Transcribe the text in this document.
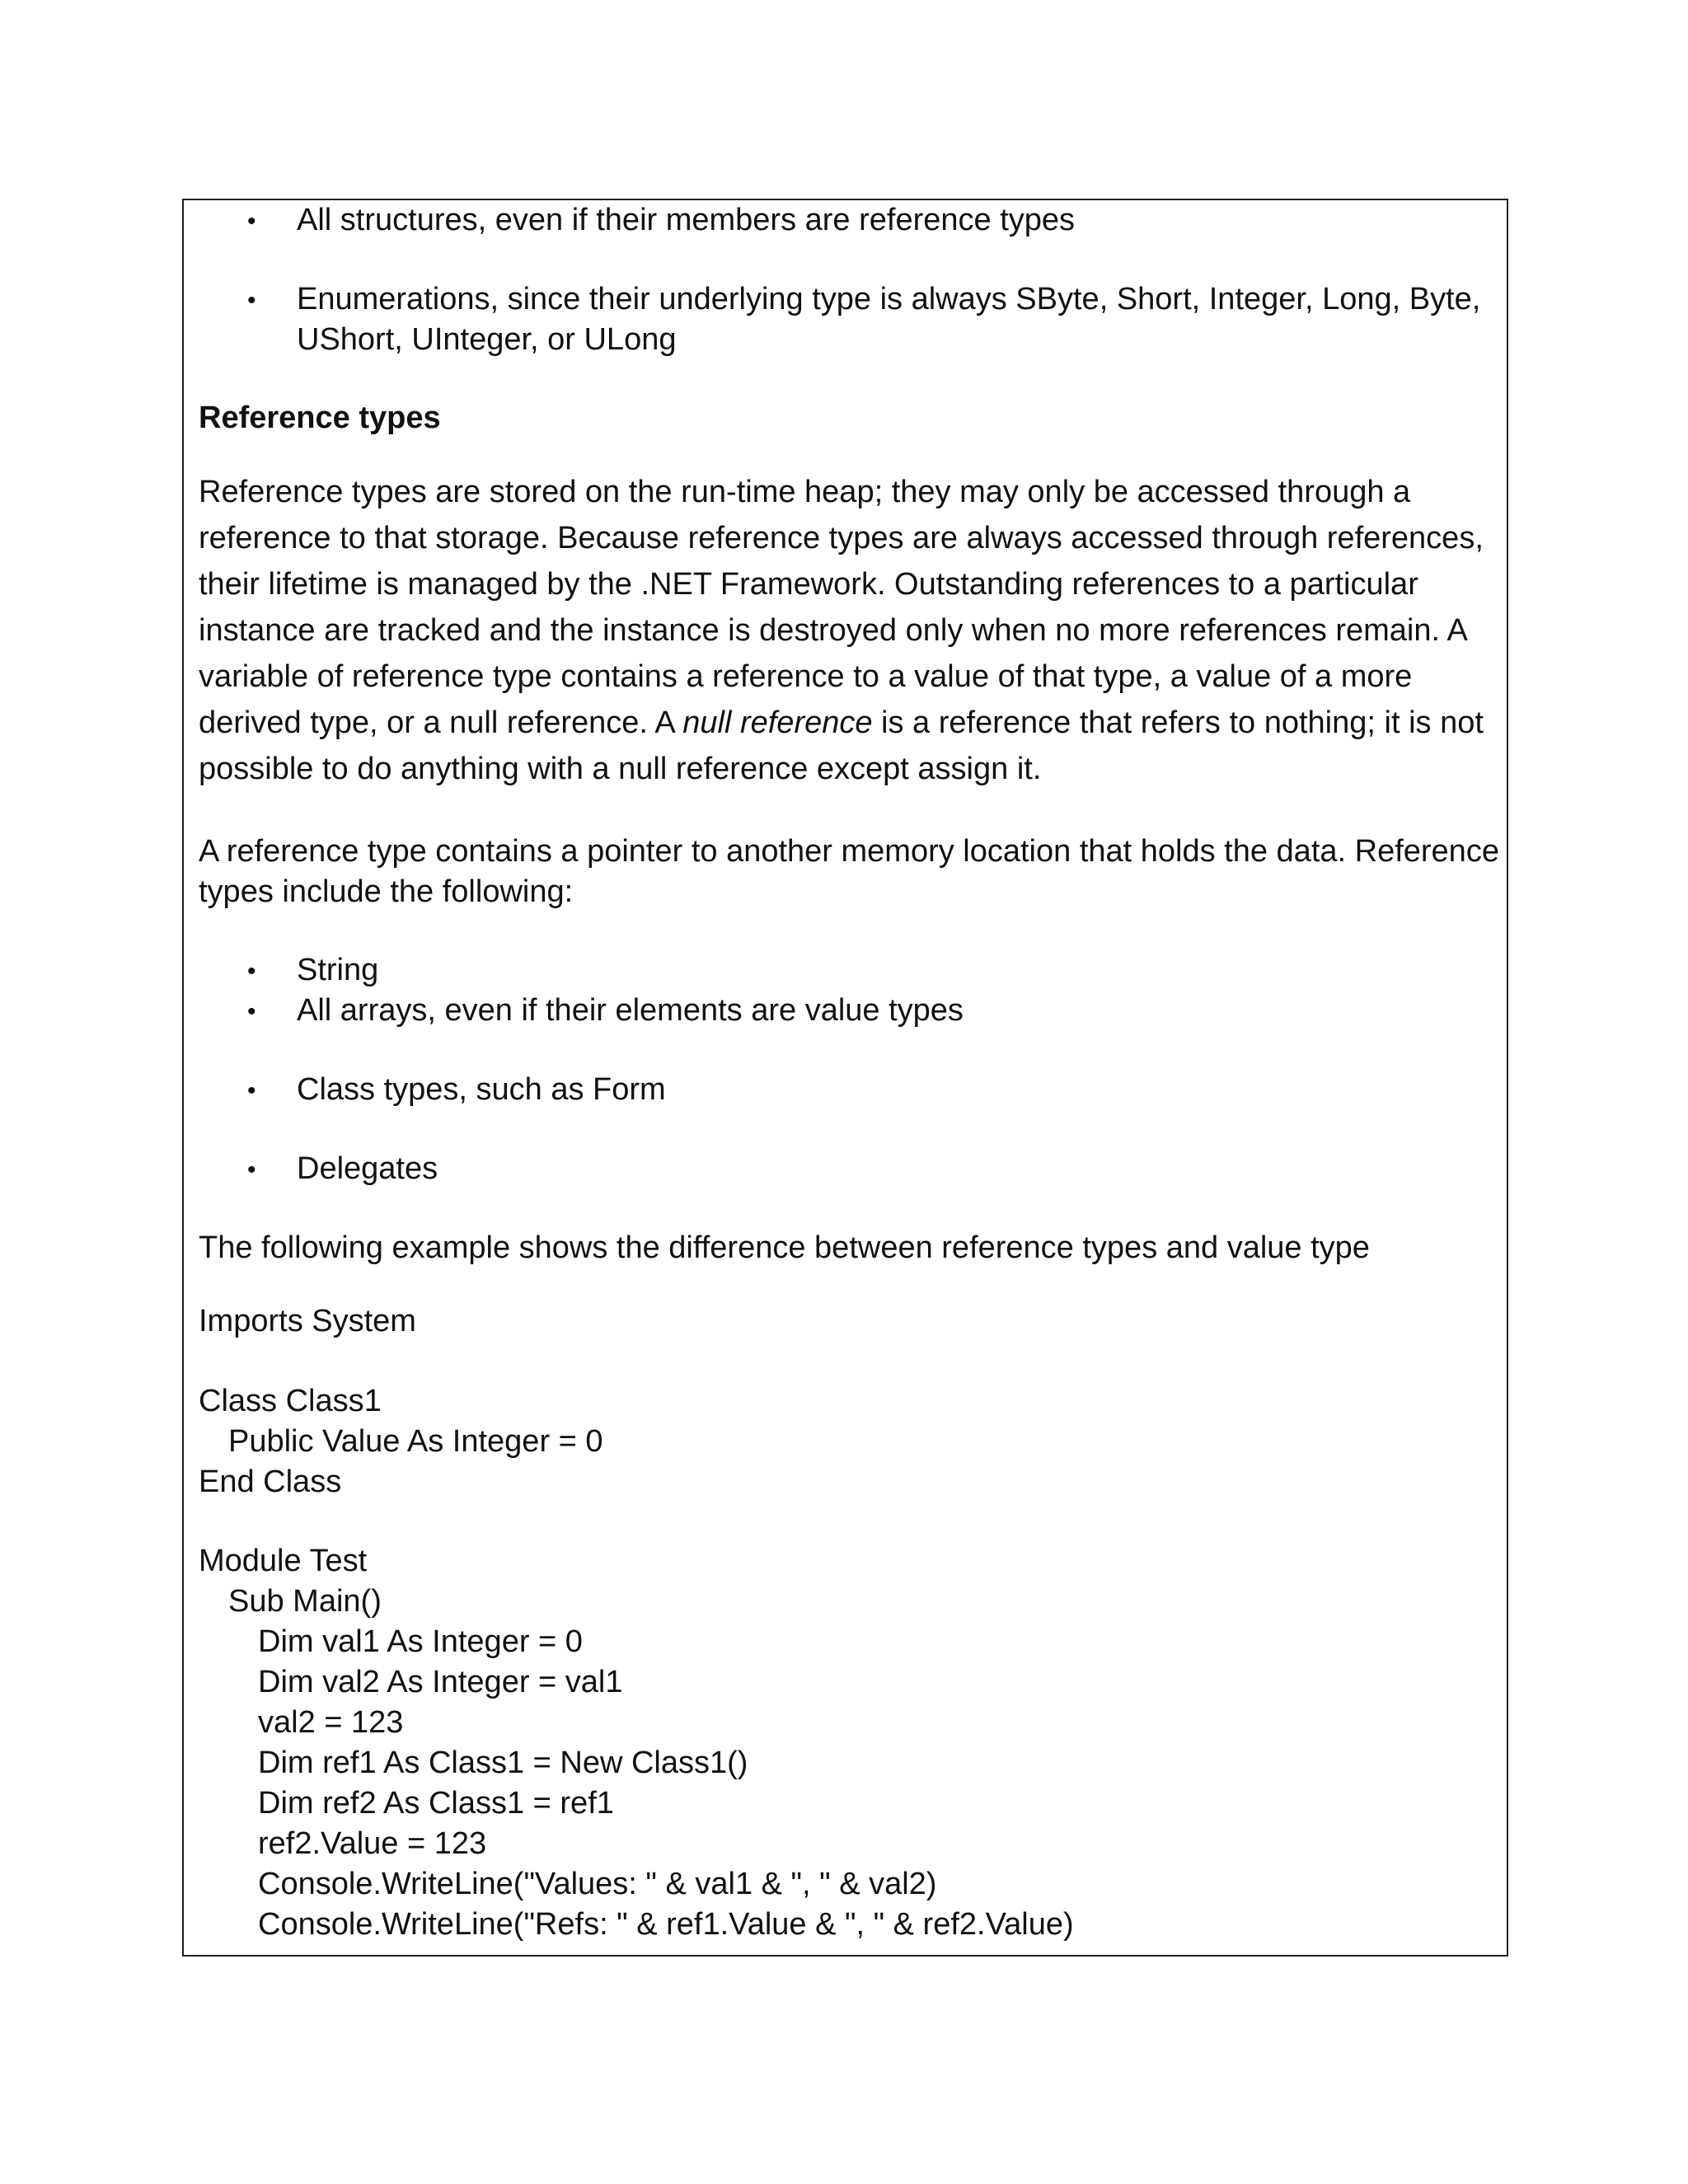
• All structures, even if their members are reference types

• Enumerations, since their underlying type is always SByte, Short, Integer, Long, Byte,

UShort, UInteger, or ULong

Reference types

Reference types are stored on the run-time heap; they may only be accessed through a

reference to that storage. Because reference types are always accessed through references,

their lifetime is managed by the .NET Framework. Outstanding references to a particular

instance are tracked and the instance is destroyed only when no more references remain. A

variable of reference type contains a reference to a value of that type, a value of a more

derived type, or a null reference. A null reference is a reference that refers to nothing; it is not

possible to do anything with a null reference except assign it.

A reference type contains a pointer to another memory location that holds the data. Reference

types include the following:

• String

• All arrays, even if their elements are value types

• Class types, such as Form

• Delegates

The following example shows the difference between reference types and value type

Imports System

Class Class1

Public Value As Integer = 0

End Class

Module Test

Sub Main()

Dim val1 As Integer = 0

Dim val2 As Integer = val1

val2 = 123

Dim ref1 As Class1 = New Class1()

Dim ref2 As Class1 = ref1

ref2.Value = 123

Console.WriteLine("Values: " & val1 & ", " & val2)

Console.WriteLine("Refs: " & ref1.Value & ", " & ref2.Value)
